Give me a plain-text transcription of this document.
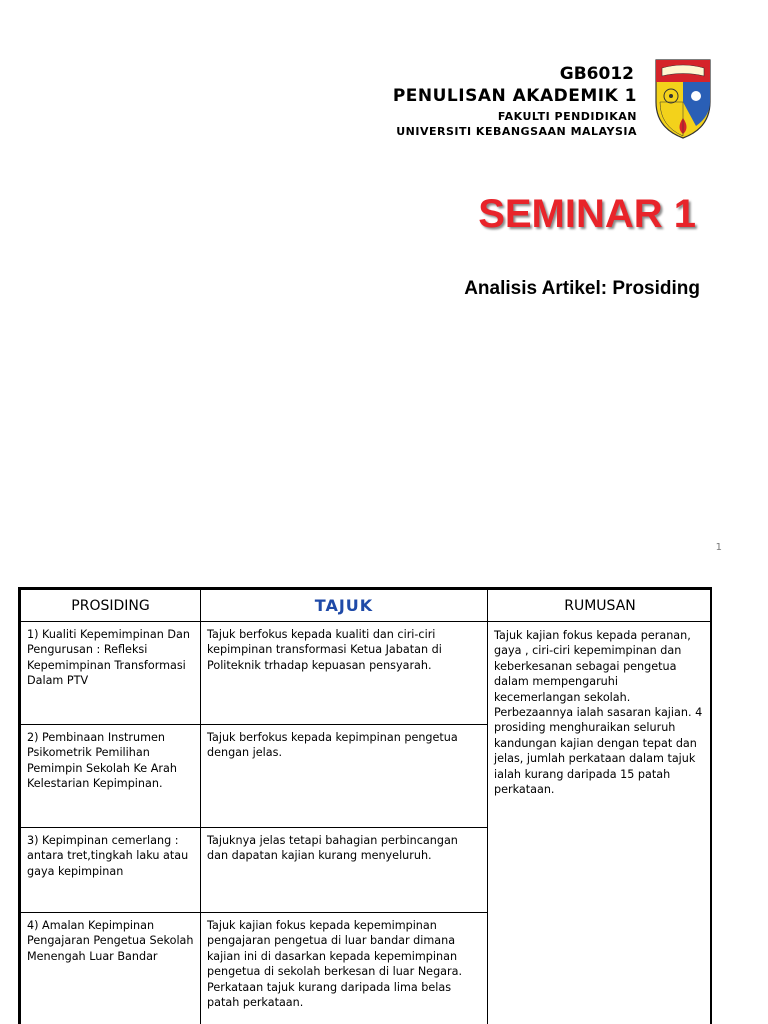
GB6012
PENULISAN AKADEMIK 1
FAKULTI PENDIDIKAN
UNIVERSITI KEBANGSAAN MALAYSIA
SEMINAR 1
Analisis Artikel: Prosiding
1
PROSIDING	TAJUK	RUMUSAN
1) Kualiti Kepemimpinan Dan Pengurusan : Refleksi Kepemimpinan Transformasi Dalam PTV	Tajuk berfokus kepada kualiti dan ciri-ciri kepimpinan transformasi Ketua Jabatan di Politeknik trhadap kepuasan pensyarah.	Tajuk kajian fokus kepada peranan, gaya , ciri-ciri kepemimpinan dan keberkesanan sebagai pengetua dalam mempengaruhi kecemerlangan sekolah. Perbezaannya ialah sasaran kajian. 4 prosiding menghuraikan seluruh kandungan kajian dengan tepat dan jelas, jumlah perkataan dalam tajuk ialah kurang daripada 15 patah perkataan.
2) Pembinaan Instrumen Psikometrik Pemilihan Pemimpin Sekolah Ke Arah Kelestarian Kepimpinan.	Tajuk berfokus kepada kepimpinan pengetua dengan jelas.	
3) Kepimpinan cemerlang : antara tret,tingkah laku atau gaya kepimpinan	Tajuknya jelas tetapi bahagian perbincangan dan dapatan kajian kurang menyeluruh.	
4) Amalan Kepimpinan Pengajaran Pengetua Sekolah Menengah Luar Bandar	Tajuk kajian fokus kepada kepemimpinan pengajaran pengetua di luar bandar dimana kajian ini di dasarkan kepada kepemimpinan pengetua di sekolah berkesan di luar Negara. Perkataan tajuk kurang daripada lima belas patah perkataan.	
